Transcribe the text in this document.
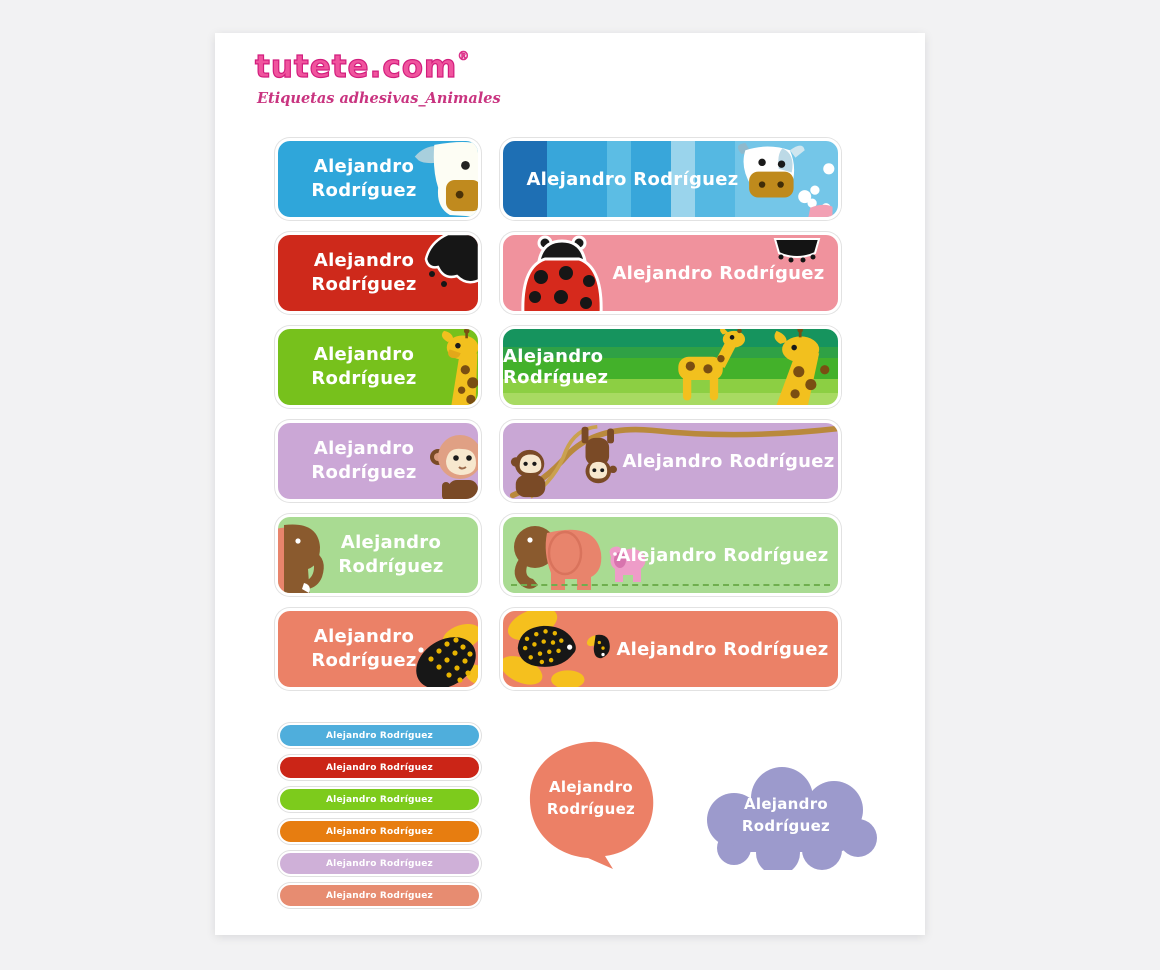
tutete.com®
Etiquetas adhesivas_Animales
Alejandro
Rodríguez
Alejandro Rodríguez
Alejandro
Rodríguez
Alejandro Rodríguez
Alejandro
Rodríguez
Alejandro Rodríguez
Alejandro
Rodríguez
Alejandro Rodríguez
Alejandro
Rodríguez
Alejandro Rodríguez
Alejandro
Rodríguez
Alejandro Rodríguez
Alejandro Rodríguez
Alejandro Rodríguez
Alejandro Rodríguez
Alejandro Rodríguez
Alejandro Rodríguez
Alejandro Rodríguez
Alejandro
Rodríguez	Alejandro
Rodríguez
